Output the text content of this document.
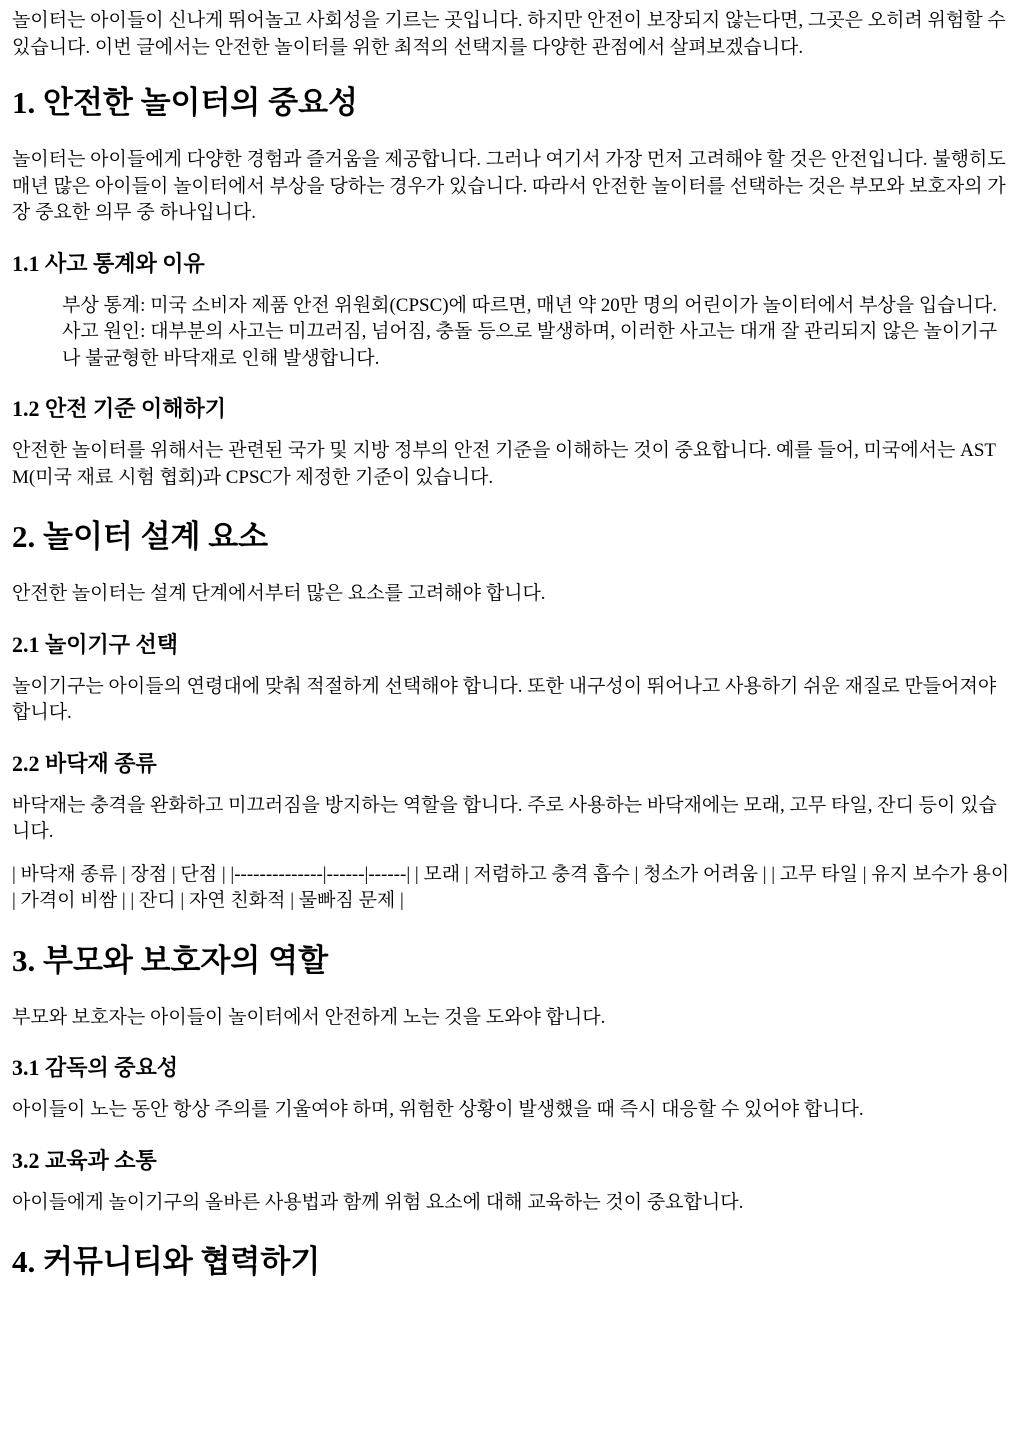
놀이터는 아이들이 신나게 뛰어놀고 사회성을 기르는 곳입니다. 하지만 안전이 보장되지 않는다면, 그곳은 오히려 위험할 수 있습니다. 이번 글에서는 안전한 놀이터를 위한 최적의 선택지를 다양한 관점에서 살펴보겠습니다.

1. 안전한 놀이터의 중요성

놀이터는 아이들에게 다양한 경험과 즐거움을 제공합니다. 그러나 여기서 가장 먼저 고려해야 할 것은 안전입니다. 불행히도 매년 많은 아이들이 놀이터에서 부상을 당하는 경우가 있습니다. 따라서 안전한 놀이터를 선택하는 것은 부모와 보호자의 가장 중요한 의무 중 하나입니다.

1.1 사고 통계와 이유
부상 통계: 미국 소비자 제품 안전 위원회(CPSC)에 따르면, 매년 약 20만 명의 어린이가 놀이터에서 부상을 입습니다. 사고 원인: 대부분의 사고는 미끄러짐, 넘어짐, 충돌 등으로 발생하며, 이러한 사고는 대개 잘 관리되지 않은 놀이기구나 불균형한 바닥재로 인해 발생합니다.
1.2 안전 기준 이해하기

안전한 놀이터를 위해서는 관련된 국가 및 지방 정부의 안전 기준을 이해하는 것이 중요합니다. 예를 들어, 미국에서는 ASTM(미국 재료 시험 협회)과 CPSC가 제정한 기준이 있습니다.

2. 놀이터 설계 요소

안전한 놀이터는 설계 단계에서부터 많은 요소를 고려해야 합니다.

2.1 놀이기구 선택

놀이기구는 아이들의 연령대에 맞춰 적절하게 선택해야 합니다. 또한 내구성이 뛰어나고 사용하기 쉬운 재질로 만들어져야 합니다.

2.2 바닥재 종류

바닥재는 충격을 완화하고 미끄러짐을 방지하는 역할을 합니다. 주로 사용하는 바닥재에는 모래, 고무 타일, 잔디 등이 있습니다.

| 바닥재 종류 | 장점 | 단점 | |--------------|------|------| | 모래 | 저렴하고 충격 흡수 | 청소가 어려움 | | 고무 타일 | 유지 보수가 용이 | 가격이 비쌈 | | 잔디 | 자연 친화적 | 물빠짐 문제 |

3. 부모와 보호자의 역할

부모와 보호자는 아이들이 놀이터에서 안전하게 노는 것을 도와야 합니다.

3.1 감독의 중요성

아이들이 노는 동안 항상 주의를 기울여야 하며, 위험한 상황이 발생했을 때 즉시 대응할 수 있어야 합니다.

3.2 교육과 소통

아이들에게 놀이기구의 올바른 사용법과 함께 위험 요소에 대해 교육하는 것이 중요합니다.

4. 커뮤니티와 협력하기
